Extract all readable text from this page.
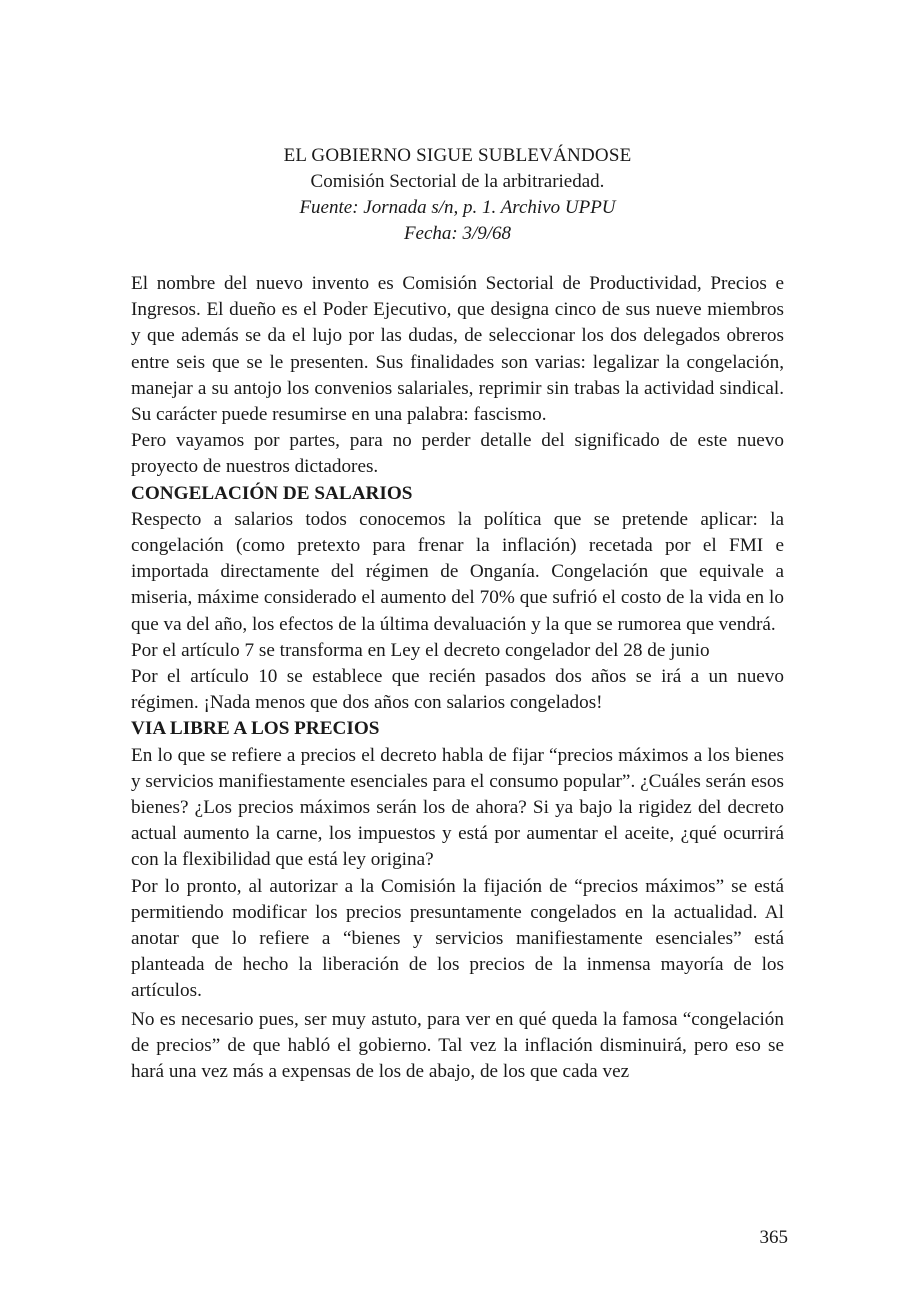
EL GOBIERNO SIGUE SUBLEVÁNDOSE
Comisión Sectorial de la arbitrariedad.
Fuente: Jornada s/n, p. 1. Archivo UPPU
Fecha: 3/9/68

El nombre del nuevo invento es Comisión Sectorial de Productividad, Precios e Ingresos. El dueño es el Poder Ejecutivo, que designa cinco de sus nueve miembros y que además se da el lujo por las dudas, de seleccionar los dos delegados obreros entre seis que se le presenten. Sus finalidades son varias: legalizar la congelación, manejar a su antojo los convenios salariales, reprimir sin trabas la actividad sindical. Su carácter puede resumirse en una palabra: fascismo.

Pero vayamos por partes, para no perder detalle del significado de este nuevo proyecto de nuestros dictadores.

CONGELACIÓN DE SALARIOS

Respecto a salarios todos conocemos la política que se pretende aplicar: la congelación (como pretexto para frenar la inflación) recetada por el FMI e importada directamente del régimen de Onganía. Congelación que equivale a miseria, máxime considerado el aumento del 70% que sufrió el costo de la vida en lo que va del año, los efectos de la última devaluación y la que se rumorea que vendrá.

Por el artículo 7 se transforma en Ley el decreto congelador del 28 de junio

Por el artículo 10 se establece que recién pasados dos años se irá a un nuevo régimen. ¡Nada menos que dos años con salarios congelados!

VIA LIBRE A LOS PRECIOS

En lo que se refiere a precios el decreto habla de fijar “precios máximos a los bienes y servicios manifiestamente esenciales para el consumo popular”. ¿Cuáles serán esos bienes? ¿Los precios máximos serán los de ahora? Si ya bajo la rigidez del decreto actual aumento la carne, los impuestos y está por aumentar el aceite, ¿qué ocurrirá con la flexibilidad que está ley origina?

Por lo pronto, al autorizar a la Comisión la fijación de “precios máximos” se está permitiendo modificar los precios presuntamente congelados en la actualidad. Al anotar que lo refiere a “bienes y servicios manifiestamente esenciales” está planteada de hecho la liberación de los precios de la inmensa mayoría de los artículos.

No es necesario pues, ser muy astuto, para ver en qué queda la famosa “congelación de precios” de que habló el gobierno. Tal vez la inflación disminuirá, pero eso se hará una vez más a expensas de los de abajo, de los que cada vez

365
